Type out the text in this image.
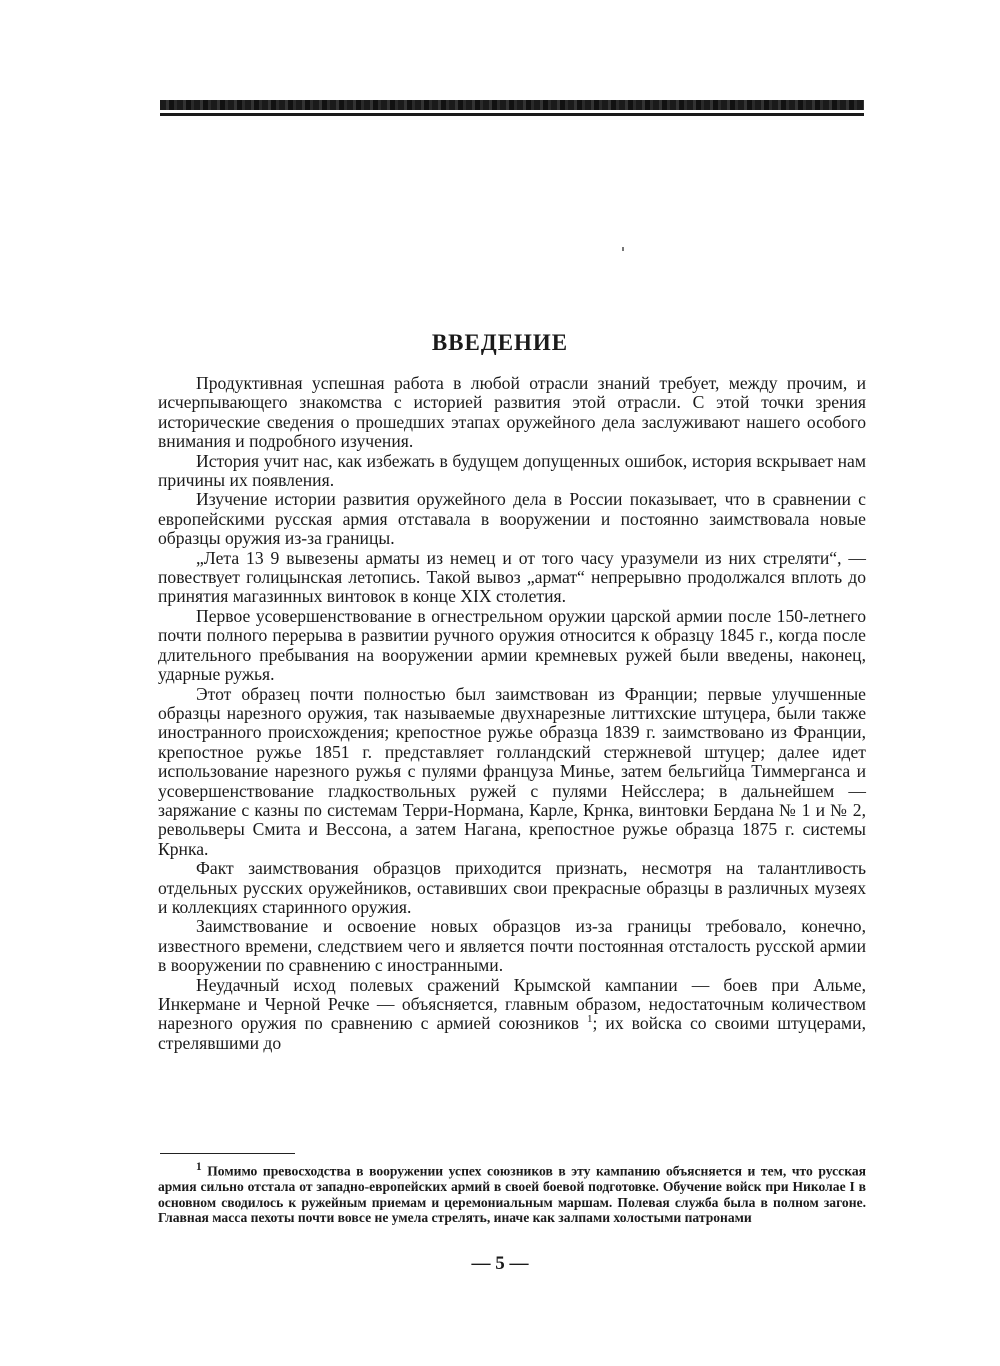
ВВЕДЕНИЕ

Продуктивная успешная работа в любой отрасли знаний требует, между прочим, и исчерпывающего знакомства с историей развития этой отрасли. С этой точки зрения исторические сведения о прошедших этапах оружейного дела заслуживают нашего особого внимания и подробного изучения.

История учит нас, как избежать в будущем допущенных ошибок, история вскрывает нам причины их появления.

Изучение истории развития оружейного дела в России показывает, что в сравнении с европейскими русская армия отставала в вооружении и постоянно заимствовала новые образцы оружия из-за границы.

„Лета 13 9 вывезены арматы из немец и от того часу уразумели из них стреляти“, — повествует голицынская летопись. Такой вывоз „армат“ непрерывно продолжался вплоть до принятия магазинных винтовок в конце XIX столетия.

Первое усовершенствование в огнестрельном оружии царской армии после 150-летнего почти полного перерыва в развитии ручного оружия относится к образцу 1845 г., когда после длительного пребывания на вооружении армии кремневых ружей были введены, наконец, ударные ружья.

Этот образец почти полностью был заимствован из Франции; первые улучшенные образцы нарезного оружия, так называемые двухнарезные литтихские штуцера, были также иностранного происхождения; крепостное ружье образца 1839 г. заимствовано из Франции, крепостное ружье 1851 г. представляет голландский стержневой штуцер; далее идет использование нарезного ружья с пулями француза Минье, затем бельгийца Тиммерганса и усовершенствование гладкоствольных ружей с пулями Нейсслера; в дальнейшем — заряжание с казны по системам Терри-Нормана, Карле, Крнка, винтовки Бердана № 1 и № 2, револьверы Смита и Вессона, а затем Нагана, крепостное ружье образца 1875 г. системы Крнка.

Факт заимствования образцов приходится признать, несмотря на талантливость отдельных русских оружейников, оставивших свои прекрасные образцы в различных музеях и коллекциях старинного оружия.

Заимствование и освоение новых образцов из-за границы требовало, конечно, известного времени, следствием чего и является почти постоянная отсталость русской армии в вооружении по сравнению с иностранными.

Неудачный исход полевых сражений Крымской кампании — боев при Альме, Инкермане и Черной Речке — объясняется, главным образом, недостаточным количеством нарезного оружия по сравнению с армией союзников $^1$; их войска со своими штуцерами, стрелявшими до

$^1$ Помимо превосходства в вооружении успех союзников в эту кампанию объясняется и тем, что русская армия сильно отстала от западно-европейских армий в своей боевой подготовке. Обучение войск при Николае I в основном сводилось к ружейным приемам и церемониальным маршам. Полевая служба была в полном загоне. Главная масса пехоты почти вовсе не умела стрелять, иначе как залпами холостыми патронами

— 5 —
